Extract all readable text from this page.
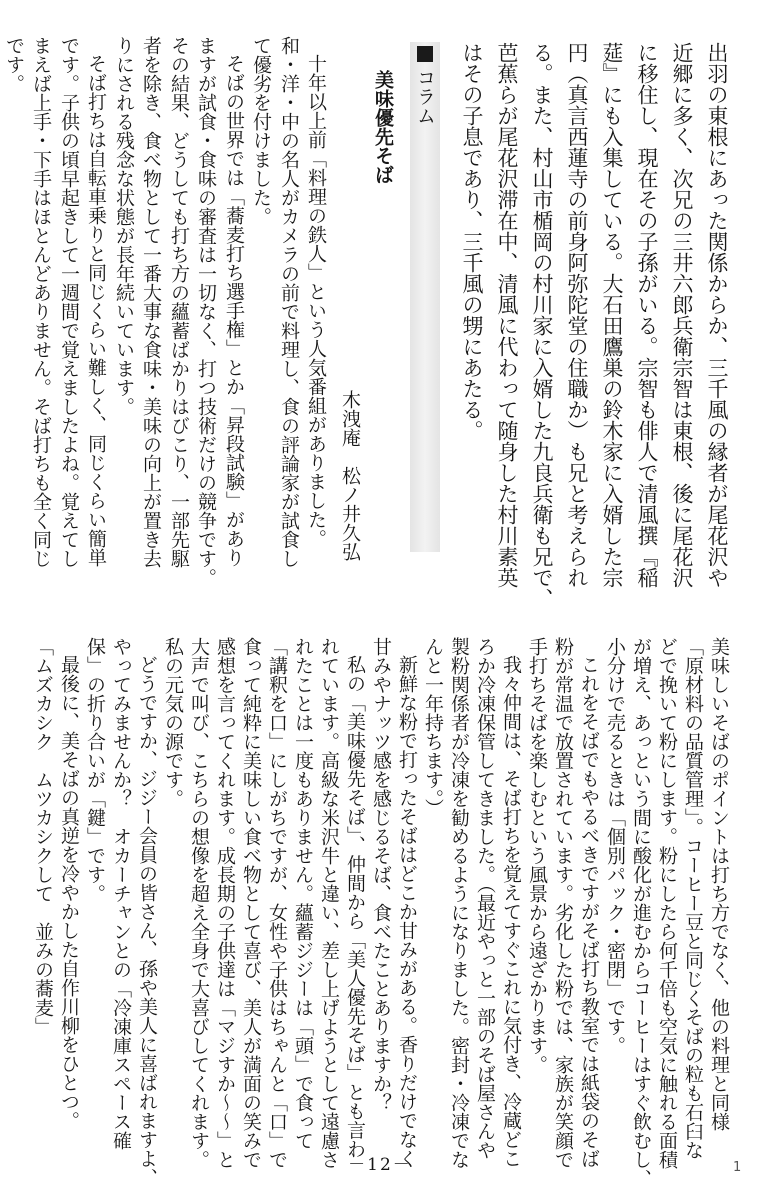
出羽の東根にあった関係からか、三千風の縁者が尾花沢や
近郷に多く、次兄の三井六郎兵衛宗智は東根、後に尾花沢
に移住し、現在その子孫がいる。宗智も俳人で清風撰『稲
莚』にも入集している。大石田鷹巣の鈴木家に入婿した宗
円（真言西蓮寺の前身阿弥陀堂の住職か）も兄と考えられ
る。また、村山市楯岡の村川家に入婿した九良兵衛も兄で、
芭蕉らが尾花沢滞在中、清風に代わって随身した村川素英
はその子息であり、三千風の甥にあたる。
コラム
美味優先そば
木洩庵　松ノ井久弘
十年以上前「料理の鉄人」という人気番組がありました。
和・洋・中の名人がカメラの前で料理し、食の評論家が試食し
て優劣を付けました。
そばの世界では「蕎麦打ち選手権」とか「昇段試験」があり
ますが試食・食味の審査は一切なく、打つ技術だけの競争です。
その結果、どうしても打ち方の蘊蓄ばかりはびこり、一部先駆
者を除き、食べ物として一番大事な食味・美味の向上が置き去
りにされる残念な状態が長年続いています。
そば打ちは自転車乗りと同じくらい難しく、同じくらい簡単
です。子供の頃早起きして一週間で覚えましたよね。覚えてし
まえば上手・下手はほとんどありません。そば打ちも全く同じ
です。
美味しいそばのポイントは打ち方でなく、他の料理と同様
「原材料の品質管理」。コーヒー豆と同じくそばの粒も石臼な
どで挽いて粉にします。粉にしたら何千倍も空気に触れる面積
が増え、あっという間に酸化が進むからコーヒーはすぐ飲むし、
小分けで売るときは「個別パック・密閉」です。
これをそばでもやるべきですがそば打ち教室では紙袋のそば
粉が常温で放置されています。劣化した粉では、家族が笑顔で
手打ちそばを楽しむという風景から遠ざかります。
我々仲間は、そば打ちを覚えてすぐこれに気付き、冷蔵どこ
ろか冷凍保管してきました。（最近やっと一部のそば屋さんや
製粉関係者が冷凍を勧めるようになりました。密封・冷凍でな
んと一年持ちます。）
新鮮な粉で打ったそばはどこか甘みがある。香りだけでなく
甘みやナッツ感を感じるそば、食べたことありますか？
私の「美味優先そば」、仲間から「美人優先そば」とも言わ
れています。高級な米沢牛と違い、差し上げようとして遠慮さ
れたことは一度もありません。蘊蓄ジジーは「頭」で食って
「講釈を口」にしがちですが、女性や子供はちゃんと「口」で
食って純粋に美味しい食べ物として喜び、美人が満面の笑みで
感想を言ってくれます。成長期の子供達は「マジすか〜〜」と
大声で叫び、こちらの想像を超え全身で大喜びしてくれます。
私の元気の源です。
どうですか、ジジー会員の皆さん、孫や美人に喜ばれますよ、
やってみませんか？　オカーチャンとの「冷凍庫スペース確
保」の折り合いが「鍵」です。
最後に、美そばの真逆を冷やかした自作川柳をひとつ。
「ムズカシク　ムツカシクして　並みの蕎麦」
－12－	1
